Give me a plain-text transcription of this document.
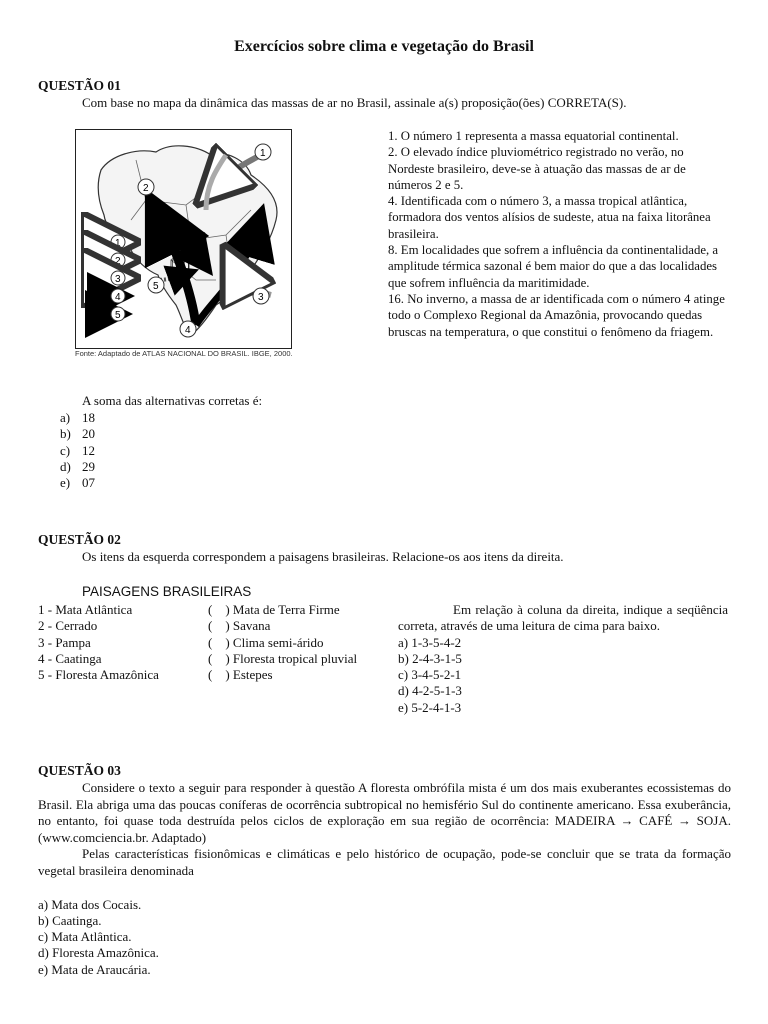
Exercícios sobre clima e vegetação do Brasil
QUESTÃO 01
Com base no mapa da dinâmica das massas de ar no Brasil, assinale a(s) proposição(ões) CORRETA(S).
1
2
3
4
5
1
2
3
4
5
Fonte: Adaptado de ATLAS NACIONAL DO BRASIL. IBGE, 2000.
1. O número 1 representa a massa equatorial continental.
2. O elevado índice pluviométrico registrado no verão, no Nordeste brasileiro, deve-se à atuação das massas de ar de números 2 e 5.
4. Identificada com o número 3, a massa tropical atlântica, formadora dos ventos alísios de sudeste, atua na faixa litorânea brasileira.
8. Em localidades que sofrem a influência da continentalidade, a amplitude térmica sazonal é bem maior do que a das localidades que sofrem influência da maritimidade.
16. No inverno, a massa de ar identificada com o número 4 atinge todo o Complexo Regional da Amazônia, provocando quedas bruscas na temperatura, o que constitui o fenômeno da friagem.
A soma das alternativas corretas é:
a) 18
b) 20
c) 12
d) 29
e) 07
QUESTÃO 02
Os itens da esquerda correspondem a paisagens brasileiras. Relacione-os aos itens da direita.
PAISAGENS BRASILEIRAS
1 - Mata Atlântica
2 - Cerrado
3 - Pampa
4 - Caatinga
5 - Floresta Amazônica
(    ) Mata de Terra Firme
(    ) Savana
(    ) Clima semi-árido
(    ) Floresta tropical pluvial
(    ) Estepes
Em relação à coluna da direita, indique a seqüência correta, através de uma leitura de cima para baixo.
a) 1-3-5-4-2
b) 2-4-3-1-5
c) 3-4-5-2-1
d) 4-2-5-1-3
e) 5-2-4-1-3
QUESTÃO 03
Considere o texto a seguir para responder à questão A floresta ombrófila mista é um dos mais exuberantes ecossistemas do Brasil. Ela abriga uma das poucas coníferas de ocorrência subtropical no hemisfério Sul do continente americano. Essa exuberância, no entanto, foi quase toda destruída pelos ciclos de exploração em sua região de ocorrência: MADEIRA → CAFÉ → SOJA. (www.comciencia.br. Adaptado)
Pelas características fisionômicas e climáticas e pelo histórico de ocupação, pode-se concluir que se trata da formação vegetal brasileira denominada
a) Mata dos Cocais.
b) Caatinga.
c) Mata Atlântica.
d) Floresta Amazônica.
e) Mata de Araucária.
